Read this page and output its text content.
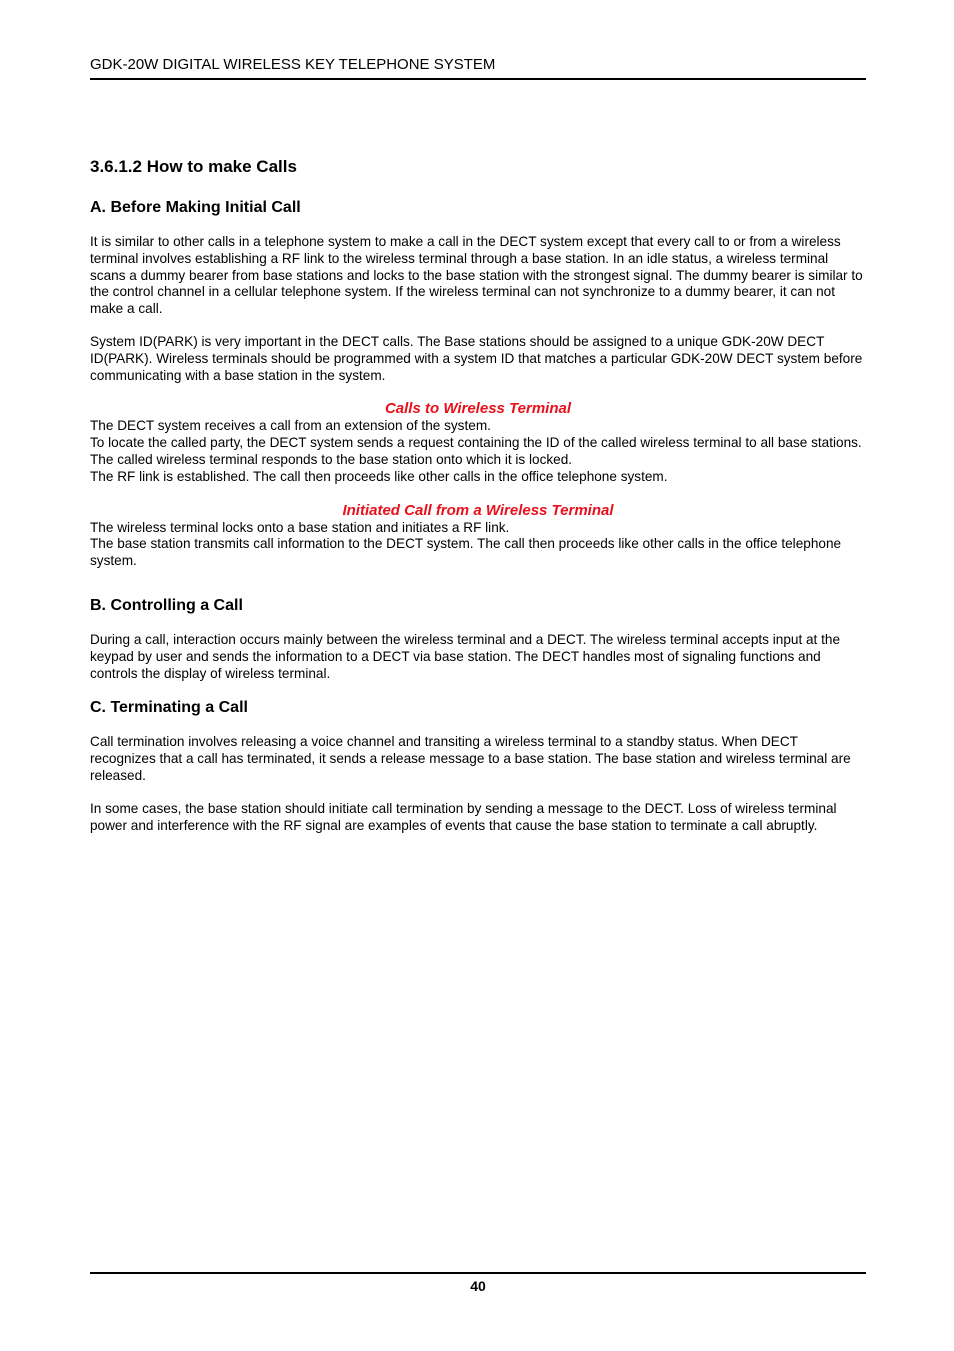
GDK-20W DIGITAL WIRELESS KEY TELEPHONE SYSTEM
3.6.1.2 How to make Calls
A. Before Making Initial Call

It is similar to other calls in a telephone system to make a call in the DECT system except that every call to or from a wireless terminal involves establishing a RF link to the wireless terminal through a base station. In an idle status, a wireless terminal scans a dummy bearer from base stations and locks to the base station with the strongest signal. The dummy bearer is similar to the control channel in a cellular telephone system. If the wireless terminal can not synchronize to a dummy bearer, it can not make a call.

System ID(PARK) is very important in the DECT calls. The Base stations should be assigned to a unique GDK-20W DECT ID(PARK). Wireless terminals should be programmed with a system ID that matches a particular GDK-20W DECT system before communicating with a base station in the system.

Calls to Wireless Terminal

The DECT system receives a call from an extension of the system.

To locate the called party, the DECT system sends a request containing the ID of the called wireless terminal to all base stations.

The called wireless terminal responds to the base station onto which it is locked.

The RF link is established. The call then proceeds like other calls in the office telephone system.

Initiated Call from a Wireless Terminal

The wireless terminal locks onto a base station and initiates a RF link.

The base station transmits call information to the DECT system. The call then proceeds like other calls in the office telephone system.

B. Controlling a Call

During a call, interaction occurs mainly between the wireless terminal and a DECT. The wireless terminal accepts input at the keypad by user and sends the information to a DECT via base station. The DECT handles most of signaling functions and controls the display of wireless terminal.

C. Terminating a Call

Call termination involves releasing a voice channel and transiting a wireless terminal to a standby status. When DECT recognizes that a call has terminated, it sends a release message to a base station. The base station and wireless terminal are released.

In some cases, the base station should initiate call termination by sending a message to the DECT. Loss of wireless terminal power and interference with the RF signal are examples of events that cause the base station to terminate a call abruptly.

40
